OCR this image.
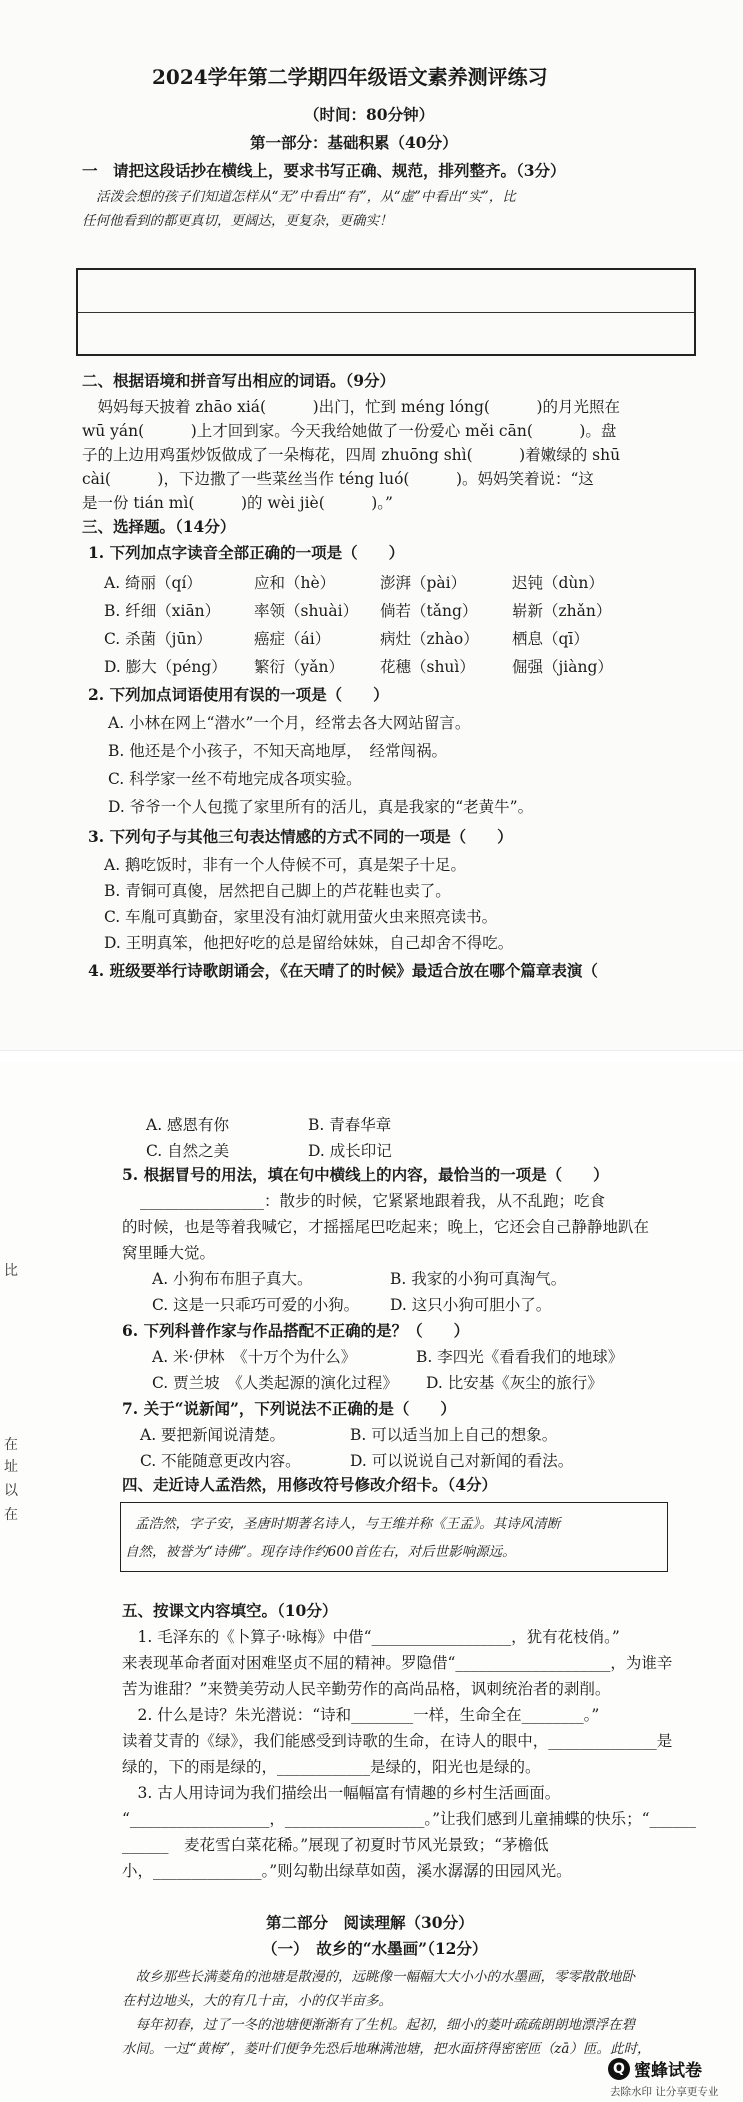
2024学年第二学期四年级语文素养测评练习
（时间：80分钟）
第一部分：基础积累（40分）
一　请把这段话抄在横线上，要求书写正确、规范，排列整齐。（3分）
活泼会想的孩子们知道怎样从“无”中看出“有”，从“虚”中看出“实”，比
任何他看到的都更真切，更阔达，更复杂，更确实！
二、根据语境和拼音写出相应的词语。（9分）
　妈妈每天披着 zhāo xiá(　　　)出门，忙到 méng lóng(　　　)的月光照在
wū yán(　　　)上才回到家。今天我给她做了一份爱心 měi cān(　　　)。盘
子的上边用鸡蛋炒饭做成了一朵梅花，四周 zhuōng shì(　　　)着嫩绿的 shū
cài(　　　)，下边撒了一些菜丝当作 téng luó(　　　)。妈妈笑着说：“这
是一份 tián mì(　　　)的 wèi jiè(　　　)。”
三、选择题。（14分）
1. 下列加点字读音全部正确的一项是（　　）
A. 绮丽（qí）	应和（hè）	澎湃（pài）	迟钝（dùn）
B. 纤细（xiān） 率领（shuài） 倘若（tǎng） 崭新（zhǎn）
C. 杀菌（jūn）	癌症（ái）	病灶（zhào） 栖息（qī）
D. 膨大（péng） 繁衍（yǎn） 花穗（shuì） 倔强（jiàng）
2. 下列加点词语使用有误的一项是（　　）
A. 小林在网上“潜水”一个月，经常去各大网站留言。
B. 他还是个小孩子，不知天高地厚，　经常闯祸。
C. 科学家一丝不苟地完成各项实验。
D. 爷爷一个人包揽了家里所有的活儿，真是我家的“老黄牛”。
3. 下列句子与其他三句表达情感的方式不同的一项是（　　）
A. 鹅吃饭时，非有一个人侍候不可，真是架子十足。
B. 青铜可真傻，居然把自己脚上的芦花鞋也卖了。
C. 车胤可真勤奋，家里没有油灯就用萤火虫来照亮读书。
D. 王明真笨，他把好吃的总是留给妹妹，自己却舍不得吃。
4. 班级要举行诗歌朗诵会，《在天晴了的时候》最适合放在哪个篇章表演（
A. 感恩有你	B. 青春华章
C. 自然之美	D. 成长印记
5. 根据冒号的用法，填在句中横线上的内容，最恰当的一项是（　　）
________________：散步的时候，它紧紧地跟着我，从不乱跑；吃食
的时候，也是等着我喊它，才摇摇尾巴吃起来；晚上，它还会自己静静地趴在
窝里睡大觉。
A. 小狗布布胆子真大。	B. 我家的小狗可真淘气。
C. 这是一只乖巧可爱的小狗。 D. 这只小狗可胆小了。
6. 下列科普作家与作品搭配不正确的是？（　　）
A. 米·伊林　《十万个为什么》	B. 李四光《看看我们的地球》
C. 贾兰坡　《人类起源的演化过程》 D. 比安基《灰尘的旅行》
7. 关于“说新闻”，下列说法不正确的是（　　）
A. 要把新闻说清楚。	B. 可以适当加上自己的想象。
C. 不能随意更改内容。	D. 可以说说自己对新闻的看法。
四、走近诗人孟浩然，用修改符号修改介绍卡。（4分）
孟浩然，字子安，圣唐时期著名诗人，与王维并称《王孟》。其诗风清断
自然，被誉为“诗佛”。现存诗作约600首佐右，对后世影响源远。
五、按课文内容填空。（10分）
　1. 毛泽东的《卜算子·咏梅》中借“__________________，犹有花枝俏。”
来表现革命者面对困难坚贞不屈的精神。罗隐借“____________________，为谁辛
苦为谁甜？”来赞美劳动人民辛勤劳作的高尚品格，讽刺统治者的剥削。
　2. 什么是诗？朱光潜说：“诗和________一样，生命全在________。”
读着艾青的《绿》，我们能感受到诗歌的生命，在诗人的眼中，______________是
绿的，下的雨是绿的，____________是绿的，阳光也是绿的。
　3. 古人用诗词为我们描绘出一幅幅富有情趣的乡村生活画面。
“__________________，__________________。”让我们感到儿童捕蝶的快乐；“______
______　麦花雪白菜花稀。”展现了初夏时节风光景致；“茅檐低
小，______________。”则勾勒出绿草如茵，溪水潺潺的田园风光。
第二部分　阅读理解（30分）
（一）　故乡的“水墨画”（12分）
　故乡那些长满菱角的池塘是散漫的，远眺像一幅幅大大小小的水墨画，零零散散地卧
在村边地头，大的有几十亩，小的仅半亩多。
　每年初春，过了一冬的池塘便渐渐有了生机。起初，细小的菱叶疏疏朗朗地漂浮在碧
水间。一过“黄梅”，菱叶们便争先恐后地琳满池塘，把水面挤得密密匝（zā）匝。此时，
比
在
址
以
在
Q 蜜蜂试卷
去除水印 让分享更专业
